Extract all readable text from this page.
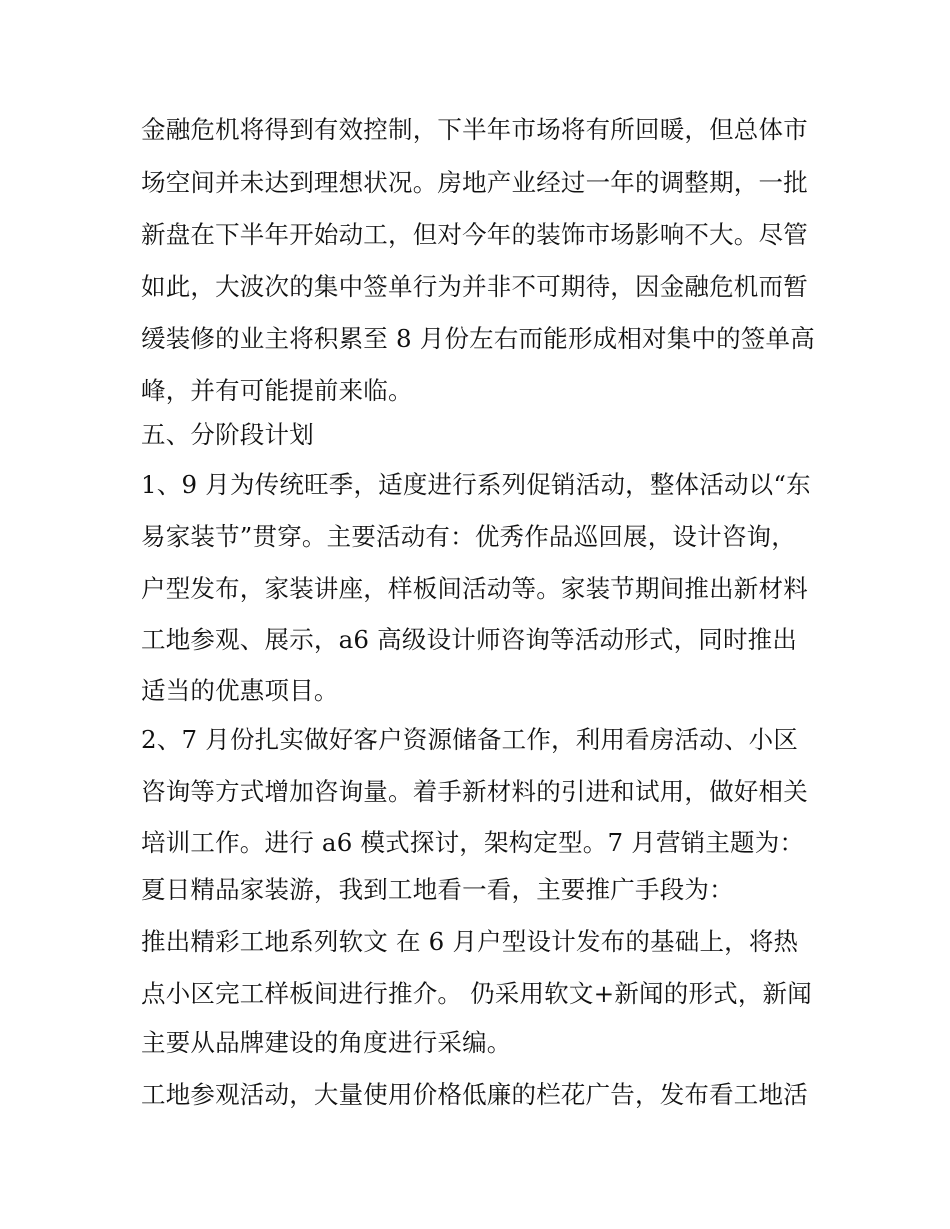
金融危机将得到有效控制，下半年市场将有所回暖，但总体市
场空间并未达到理想状况。房地产业经过一年的调整期，一批
新盘在下半年开始动工，但对今年的装饰市场影响不大。尽管
如此，大波次的集中签单行为并非不可期待，因金融危机而暂
缓装修的业主将积累至 8 月份左右而能形成相对集中的签单高
峰，并有可能提前来临。
五、分阶段计划
1、9 月为传统旺季，适度进行系列促销活动，整体活动以“东
易家装节”贯穿。主要活动有：优秀作品巡回展，设计咨询，
户型发布，家装讲座，样板间活动等。家装节期间推出新材料
工地参观、展示，a6 高级设计师咨询等活动形式，同时推出
适当的优惠项目。
2、7 月份扎实做好客户资源储备工作，利用看房活动、小区
咨询等方式增加咨询量。着手新材料的引进和试用，做好相关
培训工作。进行 a6 模式探讨，架构定型。7 月营销主题为：
夏日精品家装游，我到工地看一看，主要推广手段为：
推出精彩工地系列软文 在 6 月户型设计发布的基础上，将热
点小区完工样板间进行推介。 仍采用软文+新闻的形式，新闻
主要从品牌建设的角度进行采编。
工地参观活动，大量使用价格低廉的栏花广告，发布看工地活
